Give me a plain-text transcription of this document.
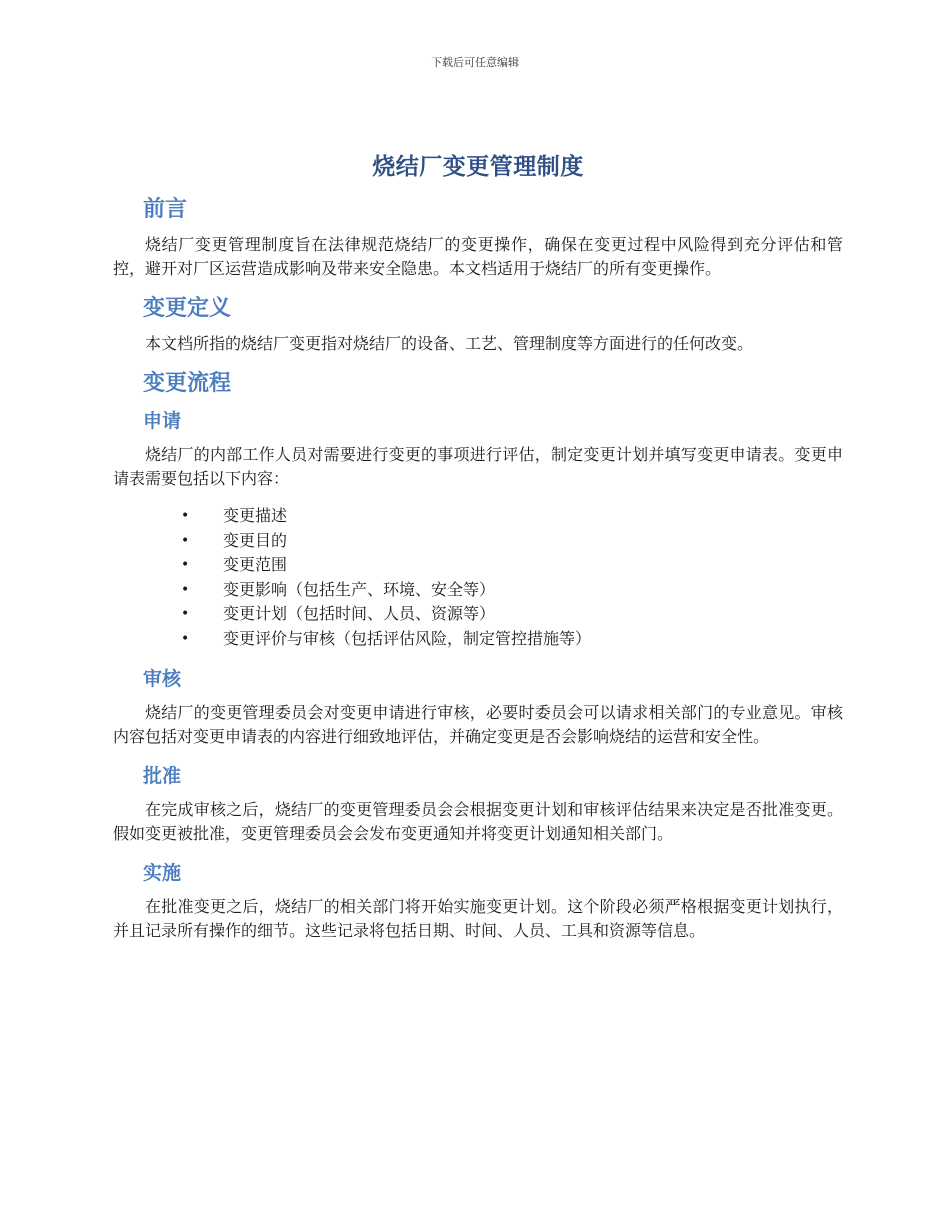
下载后可任意编辑
烧结厂变更管理制度
前言

烧结厂变更管理制度旨在法律规范烧结厂的变更操作，确保在变更过程中风险得到充分评估和管控，避开对厂区运营造成影响及带来安全隐患。本文档适用于烧结厂的所有变更操作。

变更定义

本文档所指的烧结厂变更指对烧结厂的设备、工艺、管理制度等方面进行的任何改变。

变更流程
申请

烧结厂的内部工作人员对需要进行变更的事项进行评估，制定变更计划并填写变更申请表。变更申请表需要包括以下内容：

• 变更描述
• 变更目的
• 变更范围
• 变更影响（包括生产、环境、安全等）
• 变更计划（包括时间、人员、资源等）
• 变更评价与审核（包括评估风险，制定管控措施等）
审核

烧结厂的变更管理委员会对变更申请进行审核，必要时委员会可以请求相关部门的专业意见。审核内容包括对变更申请表的内容进行细致地评估，并确定变更是否会影响烧结的运营和安全性。

批准

在完成审核之后，烧结厂的变更管理委员会会根据变更计划和审核评估结果来决定是否批准变更。假如变更被批准，变更管理委员会会发布变更通知并将变更计划通知相关部门。

实施

在批准变更之后，烧结厂的相关部门将开始实施变更计划。这个阶段必须严格根据变更计划执行，并且记录所有操作的细节。这些记录将包括日期、时间、人员、工具和资源等信息。
